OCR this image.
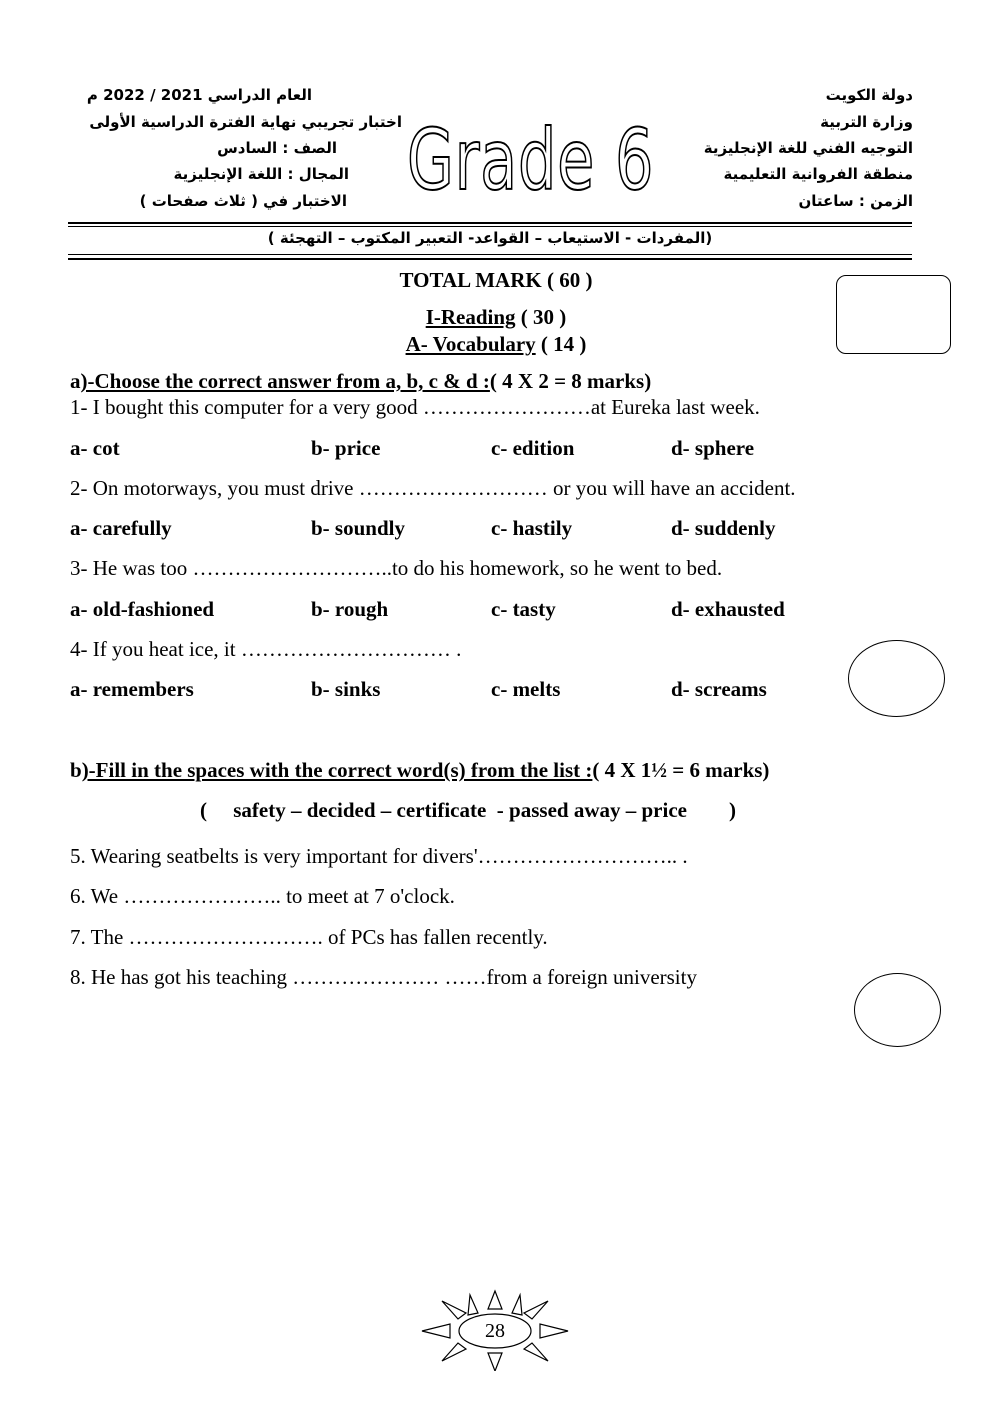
دولة الكويت
وزارة التربية
التوجيه الفني للغة الإنجليزية
منطقة الفروانية التعليمية
الزمن : ساعتان
العام الدراسي 2021 / 2022 م
اختبار تجريبي نهاية الفترة الدراسية الأولى
الصف : السادس
المجال : اللغة الإنجليزية
الاختبار في ( ثلاث صفحات ) Grade 6
(المفردات - الاستيعاب – القواعد- التعبير المكتوب – التهجئة )
TOTAL MARK ( 60 )
I-Reading ( 30 )
A- Vocabulary ( 14 )
a)-Choose the correct answer from a, b, c & d :( 4 X 2 = 8 marks)
1- I bought this computer for a very good ……………………at Eureka last week.
a- cot	b- price	c- edition	d- sphere
2- On motorways, you must drive ……………………… or you will have an accident.
a- carefully	b- soundly	c- hastily	d- suddenly
3- He was too ………………………..to do his homework, so he went to bed.
a- old-fashioned	b- rough	c- tasty	d- exhausted
4- If you heat ice, it ………………………… .
a- remembers	b- sinks	c- melts	d- screams
b)-Fill in the spaces with the correct word(s) from the list :( 4 X 1½ = 6 marks)
(     safety – decided – certificate  - passed away – price        )
5. Wearing seatbelts is very important for divers'……………………….. .
6. We ………………….. to meet at 7 o'clock.
7. The ………………………. of PCs has fallen recently.
8. He has got his teaching ………………… ……from a foreign university
28
